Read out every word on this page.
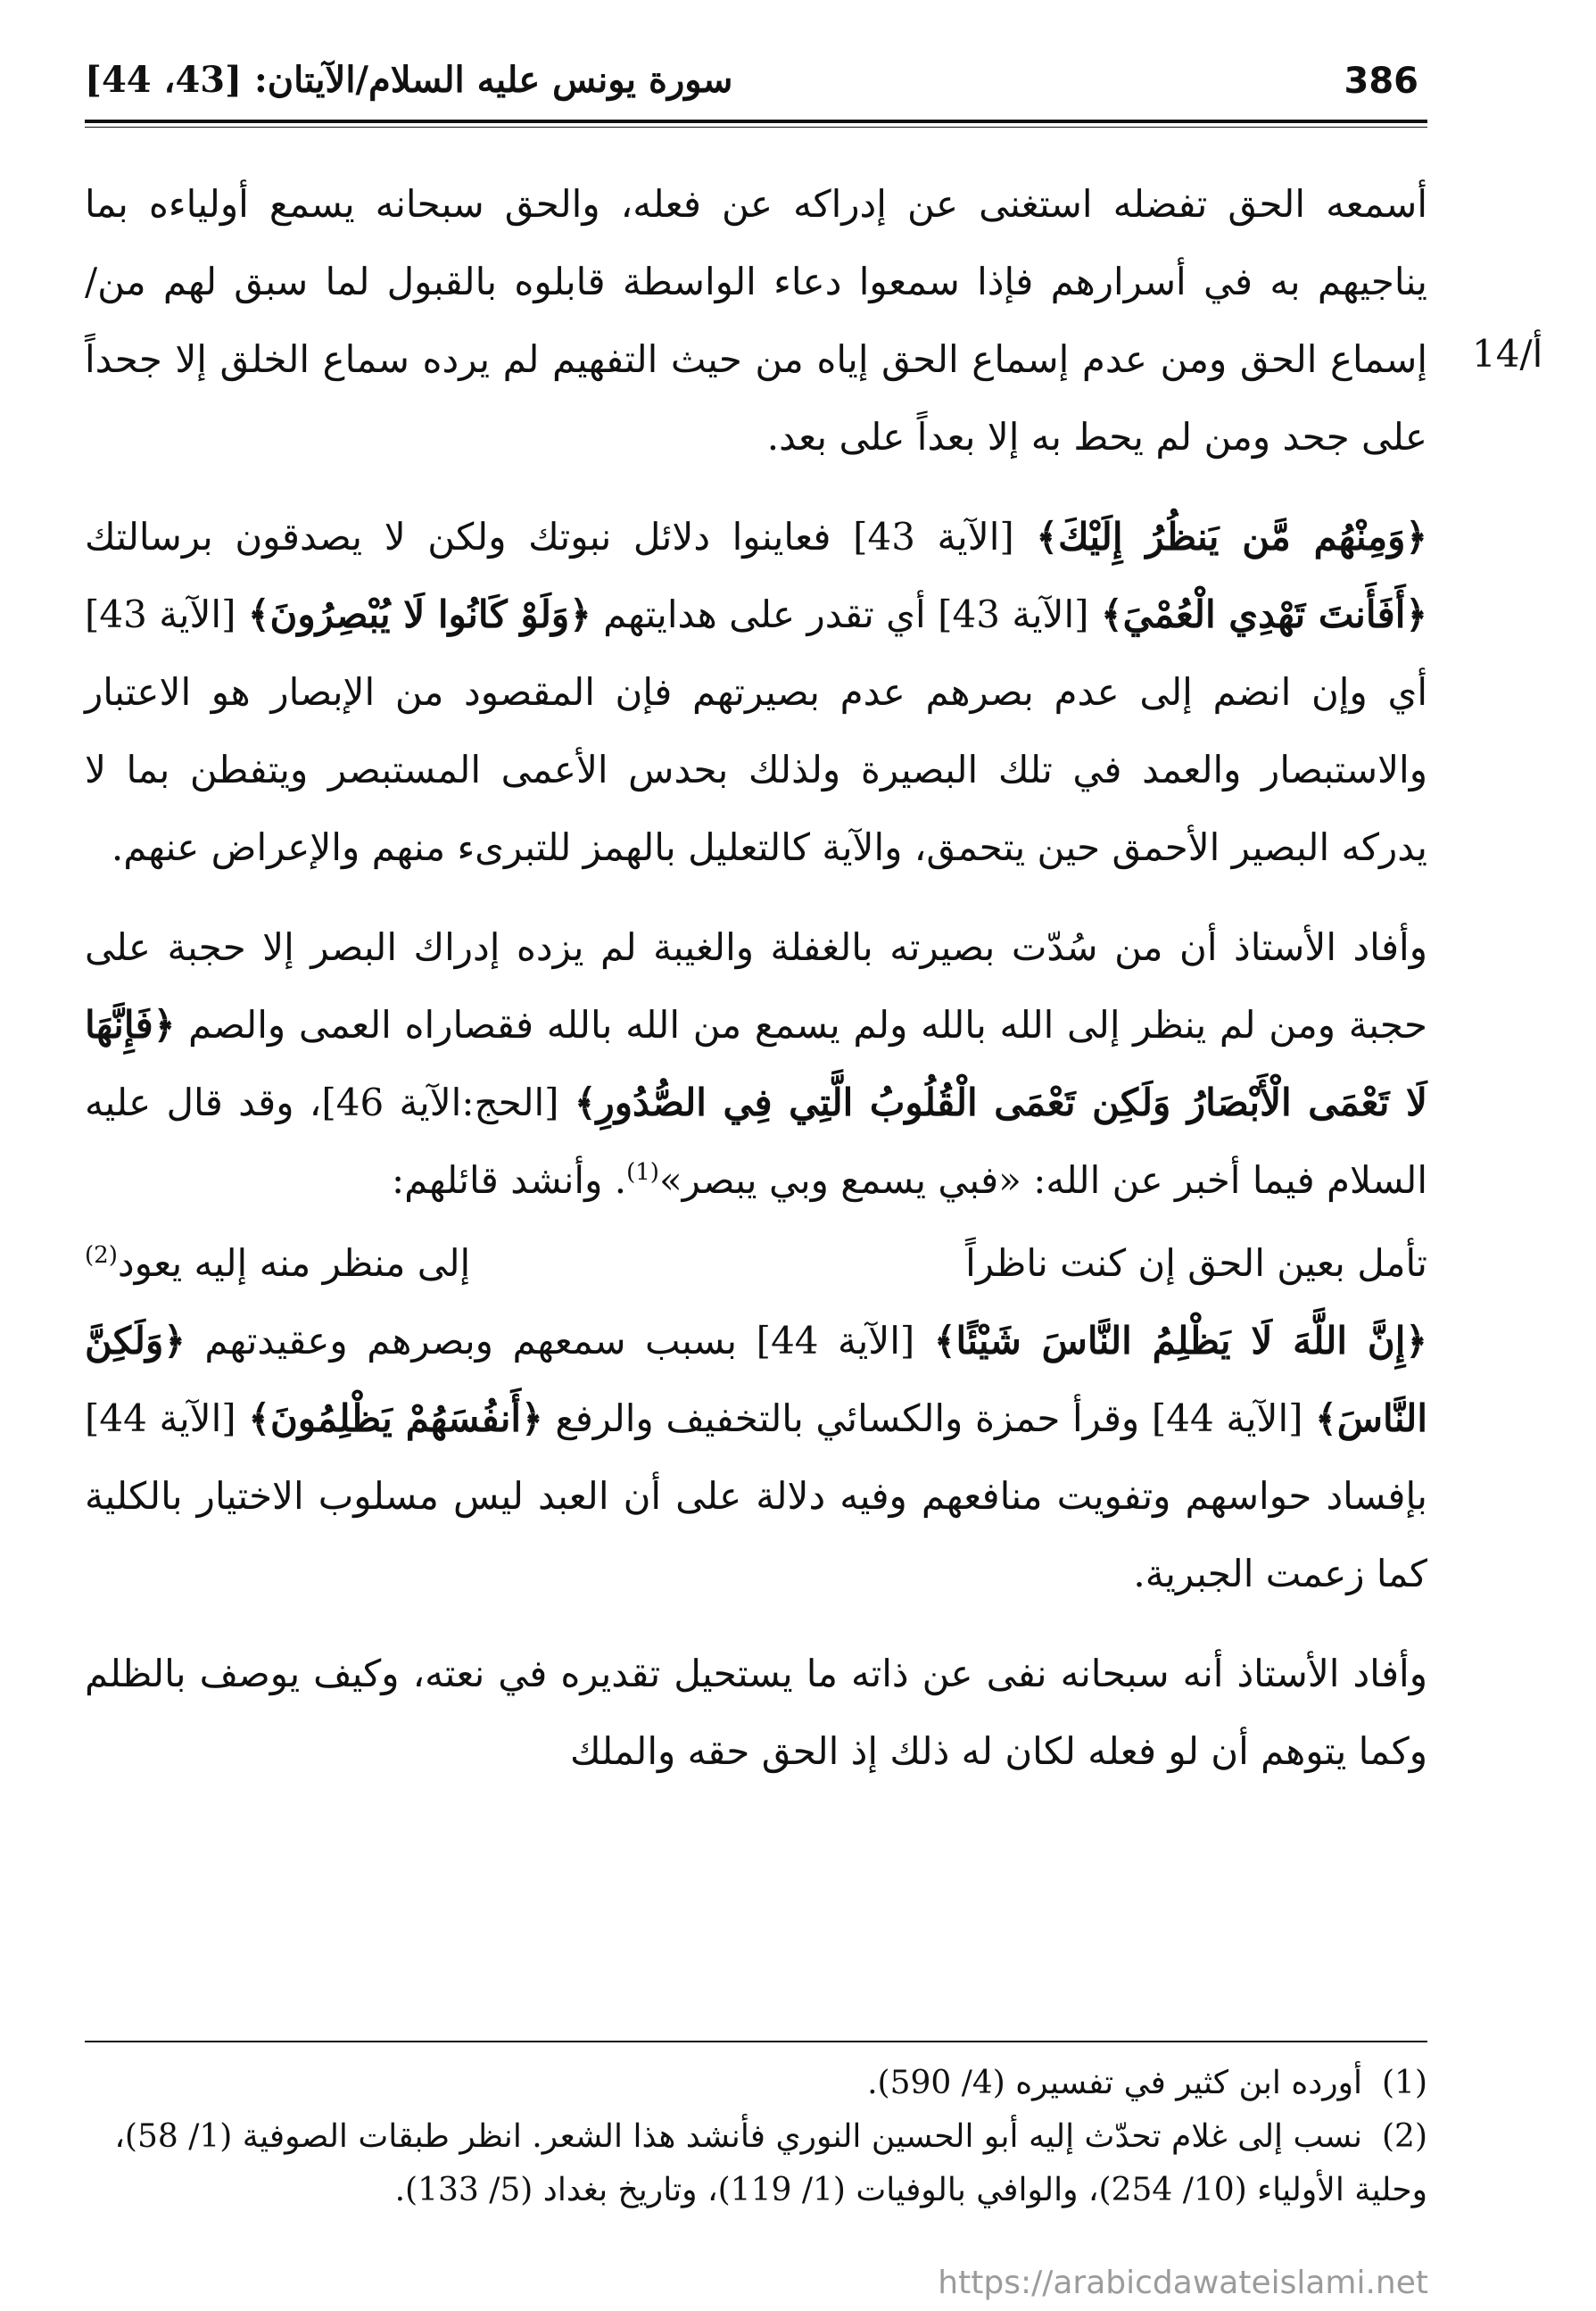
سورة يونس عليه السلام/الآيتان: [43، 44]	386
14/أ

أسمعه الحق تفضله استغنى عن إدراكه عن فعله، والحق سبحانه يسمع أولياءه بما يناجيهم به في أسرارهم فإذا سمعوا دعاء الواسطة قابلوه بالقبول لما سبق لهم من/ إسماع الحق ومن عدم إسماع الحق إياه من حيث التفهيم لم يرده سماع الخلق إلا جحداً على جحد ومن لم يحط به إلا بعداً على بعد.

﴿وَمِنْهُم مَّن يَنظُرُ إِلَيْكَ﴾ [الآية 43] فعاينوا دلائل نبوتك ولكن لا يصدقون برسالتك ﴿أَفَأَنتَ تَهْدِي الْعُمْيَ﴾ [الآية 43] أي تقدر على هدايتهم ﴿وَلَوْ كَانُوا لَا يُبْصِرُونَ﴾ [الآية 43] أي وإن انضم إلى عدم بصرهم عدم بصيرتهم فإن المقصود من الإبصار هو الاعتبار والاستبصار والعمد في تلك البصيرة ولذلك بحدس الأعمى المستبصر ويتفطن بما لا يدركه البصير الأحمق حين يتحمق، والآية كالتعليل بالهمز للتبرىء منهم والإعراض عنهم.

وأفاد الأستاذ أن من سُدّت بصيرته بالغفلة والغيبة لم يزده إدراك البصر إلا حجبة على حجبة ومن لم ينظر إلى الله بالله ولم يسمع من الله بالله فقصاراه العمى والصم ﴿فَإِنَّهَا لَا تَعْمَى الْأَبْصَارُ وَلَكِن تَعْمَى الْقُلُوبُ الَّتِي فِي الصُّدُورِ﴾ [الحج:الآية 46]، وقد قال عليه السلام فيما أخبر عن الله: «فبي يسمع وبي يبصر»$^{(1)}$. وأنشد قائلهم:

تأمل بعين الحق إن كنت ناظراً
إلى منظر منه إليه يعود$^{(2)}$

﴿إِنَّ اللَّهَ لَا يَظْلِمُ النَّاسَ شَيْئًا﴾ [الآية 44] بسبب سمعهم وبصرهم وعقيدتهم ﴿وَلَكِنَّ النَّاسَ﴾ [الآية 44] وقرأ حمزة والكسائي بالتخفيف والرفع ﴿أَنفُسَهُمْ يَظْلِمُونَ﴾ [الآية 44] بإفساد حواسهم وتفويت منافعهم وفيه دلالة على أن العبد ليس مسلوب الاختيار بالكلية كما زعمت الجبرية.

وأفاد الأستاذ أنه سبحانه نفى عن ذاته ما يستحيل تقديره في نعته، وكيف يوصف بالظلم وكما يتوهم أن لو فعله لكان له ذلك إذ الحق حقه والملك

(1)أورده ابن كثير في تفسيره (4/ 590).

(2)نسب إلى غلام تحدّث إليه أبو الحسين النوري فأنشد هذا الشعر. انظر طبقات الصوفية (1/ 58)، وحلية الأولياء (10/ 254)، والوافي بالوفيات (1/ 119)، وتاريخ بغداد (5/ 133).

https://arabicdawateislami.net
